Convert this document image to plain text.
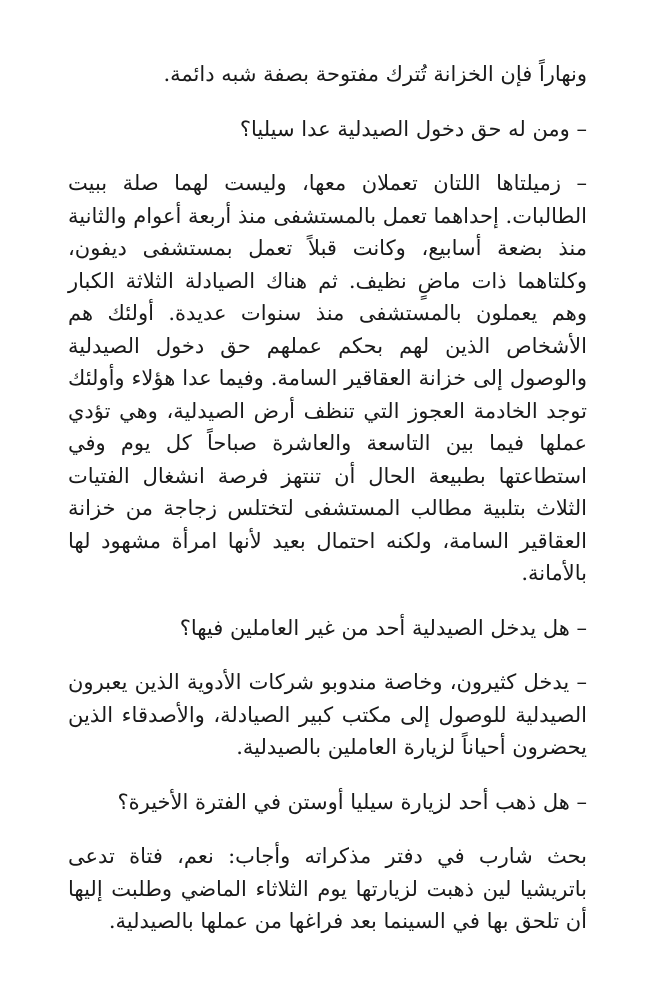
ونهاراً فإن الخزانة تُترك مفتوحة بصفة شبه دائمة.

– ومن له حق دخول الصيدلية عدا سيليا؟

– زميلتاها اللتان تعملان معها، وليست لهما صلة ببيت الطالبات. إحداهما تعمل بالمستشفى منذ أربعة أعوام والثانية منذ بضعة أسابيع، وكانت قبلاً تعمل بمستشفى ديفون، وكلتاهما ذات ماضٍ نظيف. ثم هناك الصيادلة الثلاثة الكبار وهم يعملون بالمستشفى منذ سنوات عديدة. أولئك هم الأشخاص الذين لهم بحكم عملهم حق دخول الصيدلية والوصول إلى خزانة العقاقير السامة. وفيما عدا هؤلاء وأولئك توجد الخادمة العجوز التي تنظف أرض الصيدلية، وهي تؤدي عملها فيما بين التاسعة والعاشرة صباحاً كل يوم وفي استطاعتها بطبيعة الحال أن تنتهز فرصة انشغال الفتيات الثلاث بتلبية مطالب المستشفى لتختلس زجاجة من خزانة العقاقير السامة، ولكنه احتمال بعيد لأنها امرأة مشهود لها بالأمانة.

– هل يدخل الصيدلية أحد من غير العاملين فيها؟

– يدخل كثيرون، وخاصة مندوبو شركات الأدوية الذين يعبرون الصيدلية للوصول إلى مكتب كبير الصيادلة، والأصدقاء الذين يحضرون أحياناً لزيارة العاملين بالصيدلية.

– هل ذهب أحد لزيارة سيليا أوستن في الفترة الأخيرة؟

بحث شارب في دفتر مذكراته وأجاب: نعم، فتاة تدعى باتريشيا لين ذهبت لزيارتها يوم الثلاثاء الماضي وطلبت إليها أن تلحق بها في السينما بعد فراغها من عملها بالصيدلية.
